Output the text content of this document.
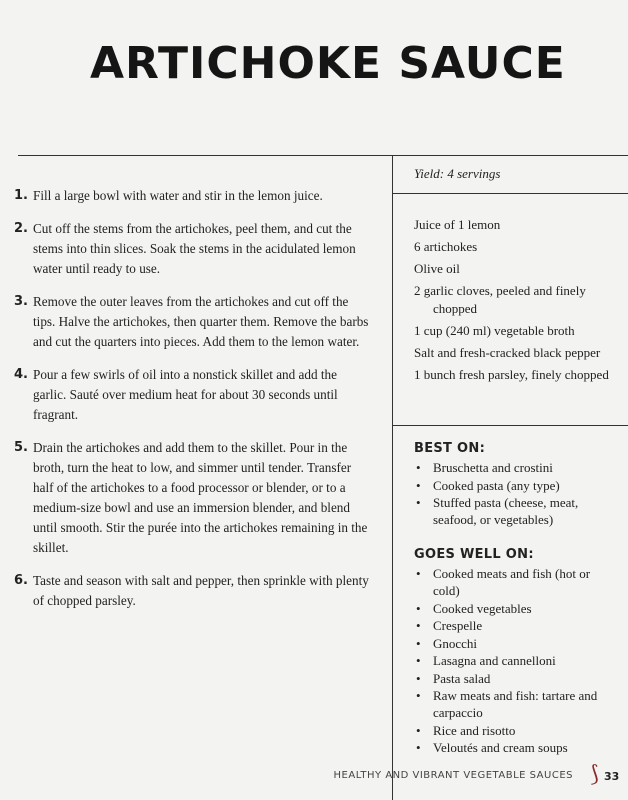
ARTICHOKE SAUCE
1. Fill a large bowl with water and stir in the lemon juice.
2. Cut off the stems from the artichokes, peel them, and cut the stems into thin slices. Soak the stems in the acidulated lemon water until ready to use.
3. Remove the outer leaves from the artichokes and cut off the tips. Halve the artichokes, then quarter them. Remove the barbs and cut the quarters into pieces. Add them to the lemon water.
4. Pour a few swirls of oil into a nonstick skillet and add the garlic. Sauté over medium heat for about 30 seconds until fragrant.
5. Drain the artichokes and add them to the skillet. Pour in the broth, turn the heat to low, and simmer until tender. Transfer half of the artichokes to a food processor or blender, or to a medium-size bowl and use an immersion blender, and blend until smooth. Stir the purée into the artichokes remaining in the skillet.
6. Taste and season with salt and pepper, then sprinkle with plenty of chopped parsley.
Yield: 4 servings
Juice of 1 lemon
6 artichokes
Olive oil
2 garlic cloves, peeled and finely chopped
1 cup (240 ml) vegetable broth
Salt and fresh-cracked black pepper
1 bunch fresh parsley, finely chopped
BEST ON:
• Bruschetta and crostini
• Cooked pasta (any type)
• Stuffed pasta (cheese, meat, seafood, or vegetables)
GOES WELL ON:
• Cooked meats and fish (hot or cold)
• Cooked vegetables
• Crespelle
• Gnocchi
• Lasagna and cannelloni
• Pasta salad
• Raw meats and fish: tartare and carpaccio
• Rice and risotto
• Veloutés and cream soups
HEALTHY AND VIBRANT VEGETABLE SAUCES ⟆ 33
